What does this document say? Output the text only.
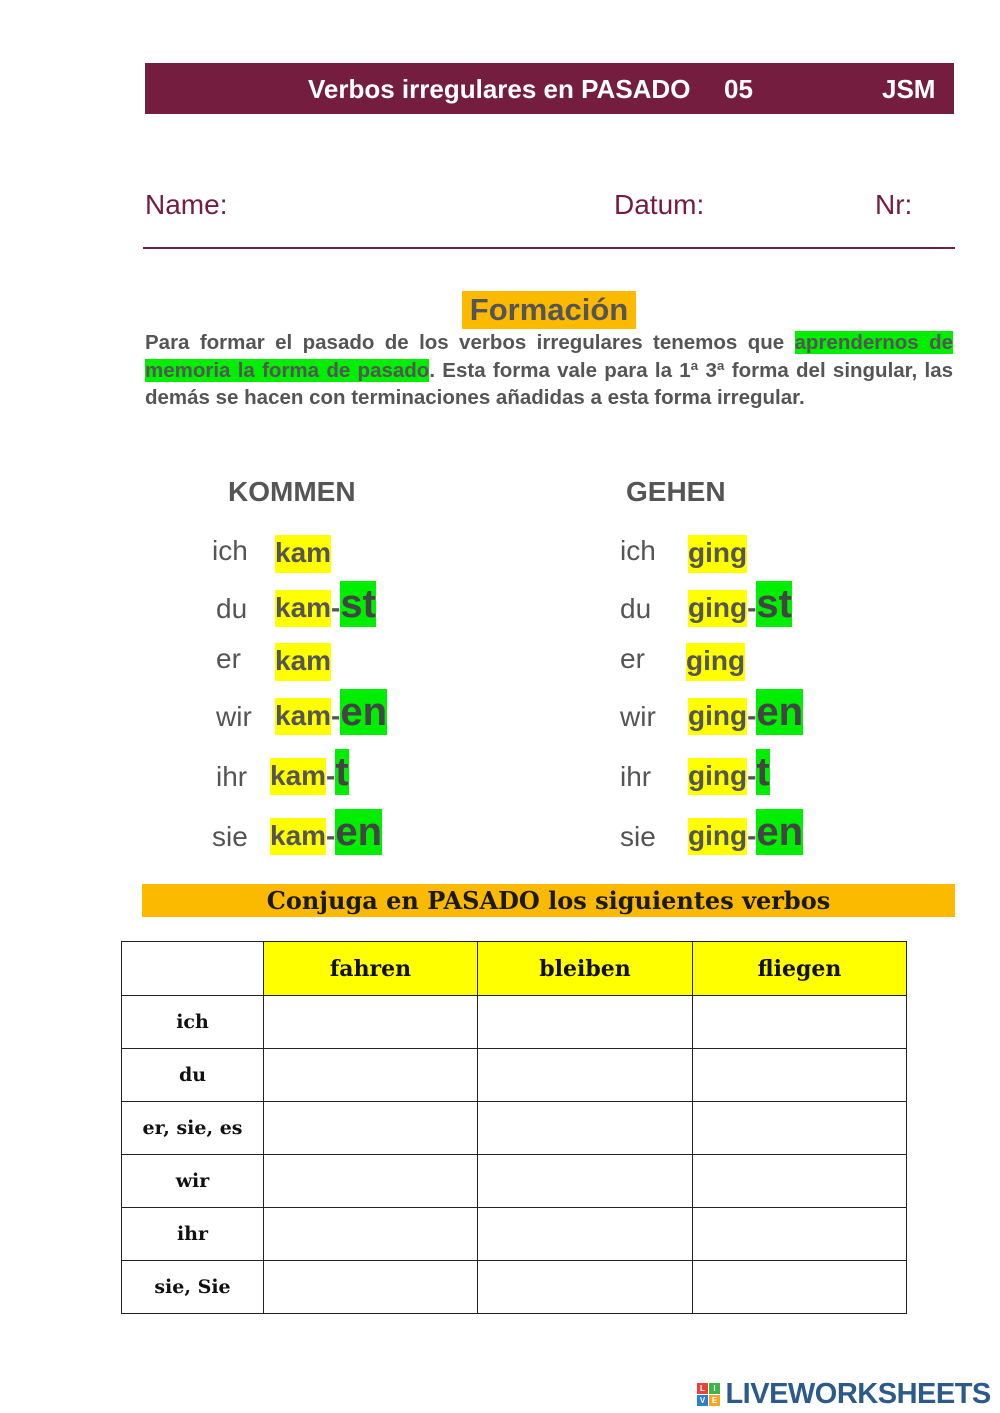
Verbos irregulares en PASADO 05	JSM
Name:	Datum:	Nr:
Formación

Para formar el pasado de los verbos irregulares tenemos que aprendernos de memoria la forma de pasado. Esta forma vale para la 1ª 3ª forma del singular, las demás se hacen con terminaciones añadidas a esta forma irregular.

KOMMEN
ich kam
du kam-st
er kam
wir kam-en
ihr kam-t
sie kam-en
GEHEN
ich ging
du ging-st
er ging
wir ging-en
ihr ging-t
sie ging-en
Conjuga en PASADO los siguientes verbos
	fahren	bleiben	fliegen
ich			
du			
er, sie, es			
wir			
ihr			
sie, Sie			
L	I
V E LIVEWORKSHEETS
